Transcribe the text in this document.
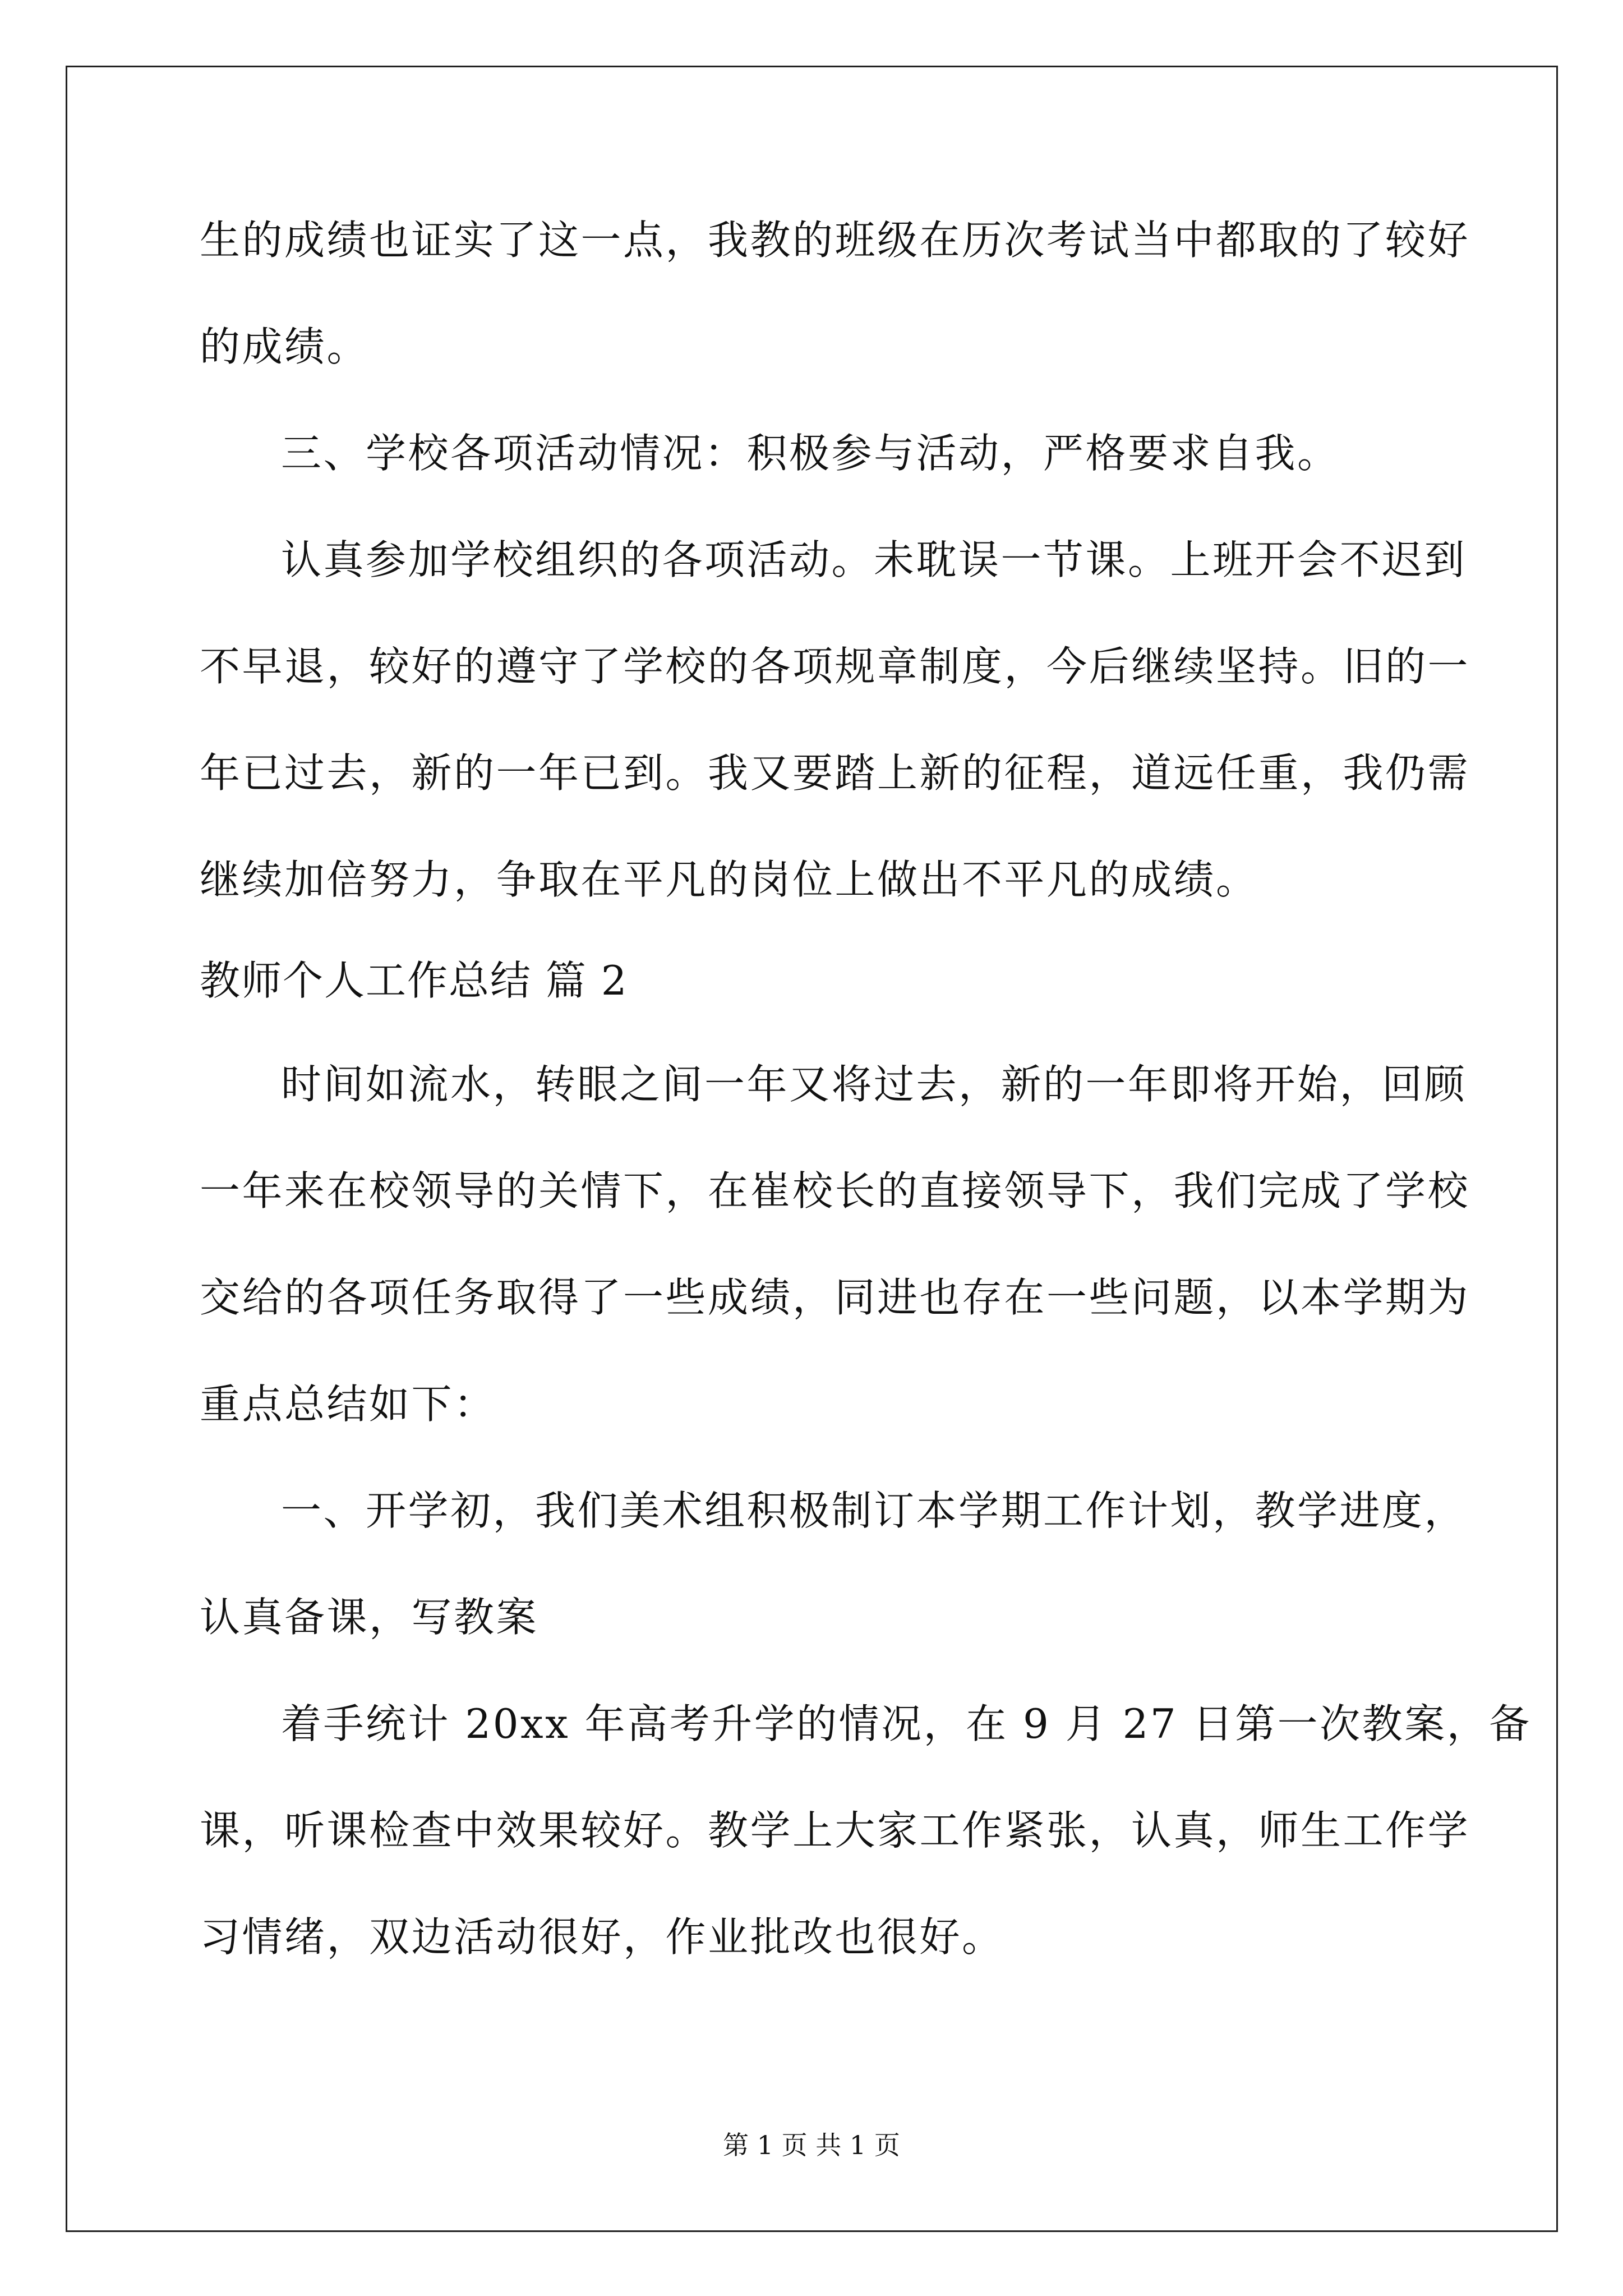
生的成绩也证实了这一点，我教的班级在历次考试当中都取的了较好
的成绩。
三、学校各项活动情况：积极参与活动，严格要求自我。
认真参加学校组织的各项活动。未耽误一节课。上班开会不迟到
不早退，较好的遵守了学校的各项规章制度，今后继续坚持。旧的一
年已过去，新的一年已到。我又要踏上新的征程，道远任重，我仍需
继续加倍努力，争取在平凡的岗位上做出不平凡的成绩。
教师个人工作总结 篇 2
时间如流水，转眼之间一年又将过去，新的一年即将开始，回顾
一年来在校领导的关情下，在崔校长的直接领导下，我们完成了学校
交给的各项任务取得了一些成绩，同进也存在一些问题，以本学期为
重点总结如下：
一、开学初，我们美术组积极制订本学期工作计划，教学进度，
认真备课，写教案
着手统计 20xx 年高考升学的情况，在 9 月 27 日第一次教案，备
课，听课检查中效果较好。教学上大家工作紧张，认真，师生工作学
习情绪，双边活动很好，作业批改也很好。
第 1 页 共 1 页
